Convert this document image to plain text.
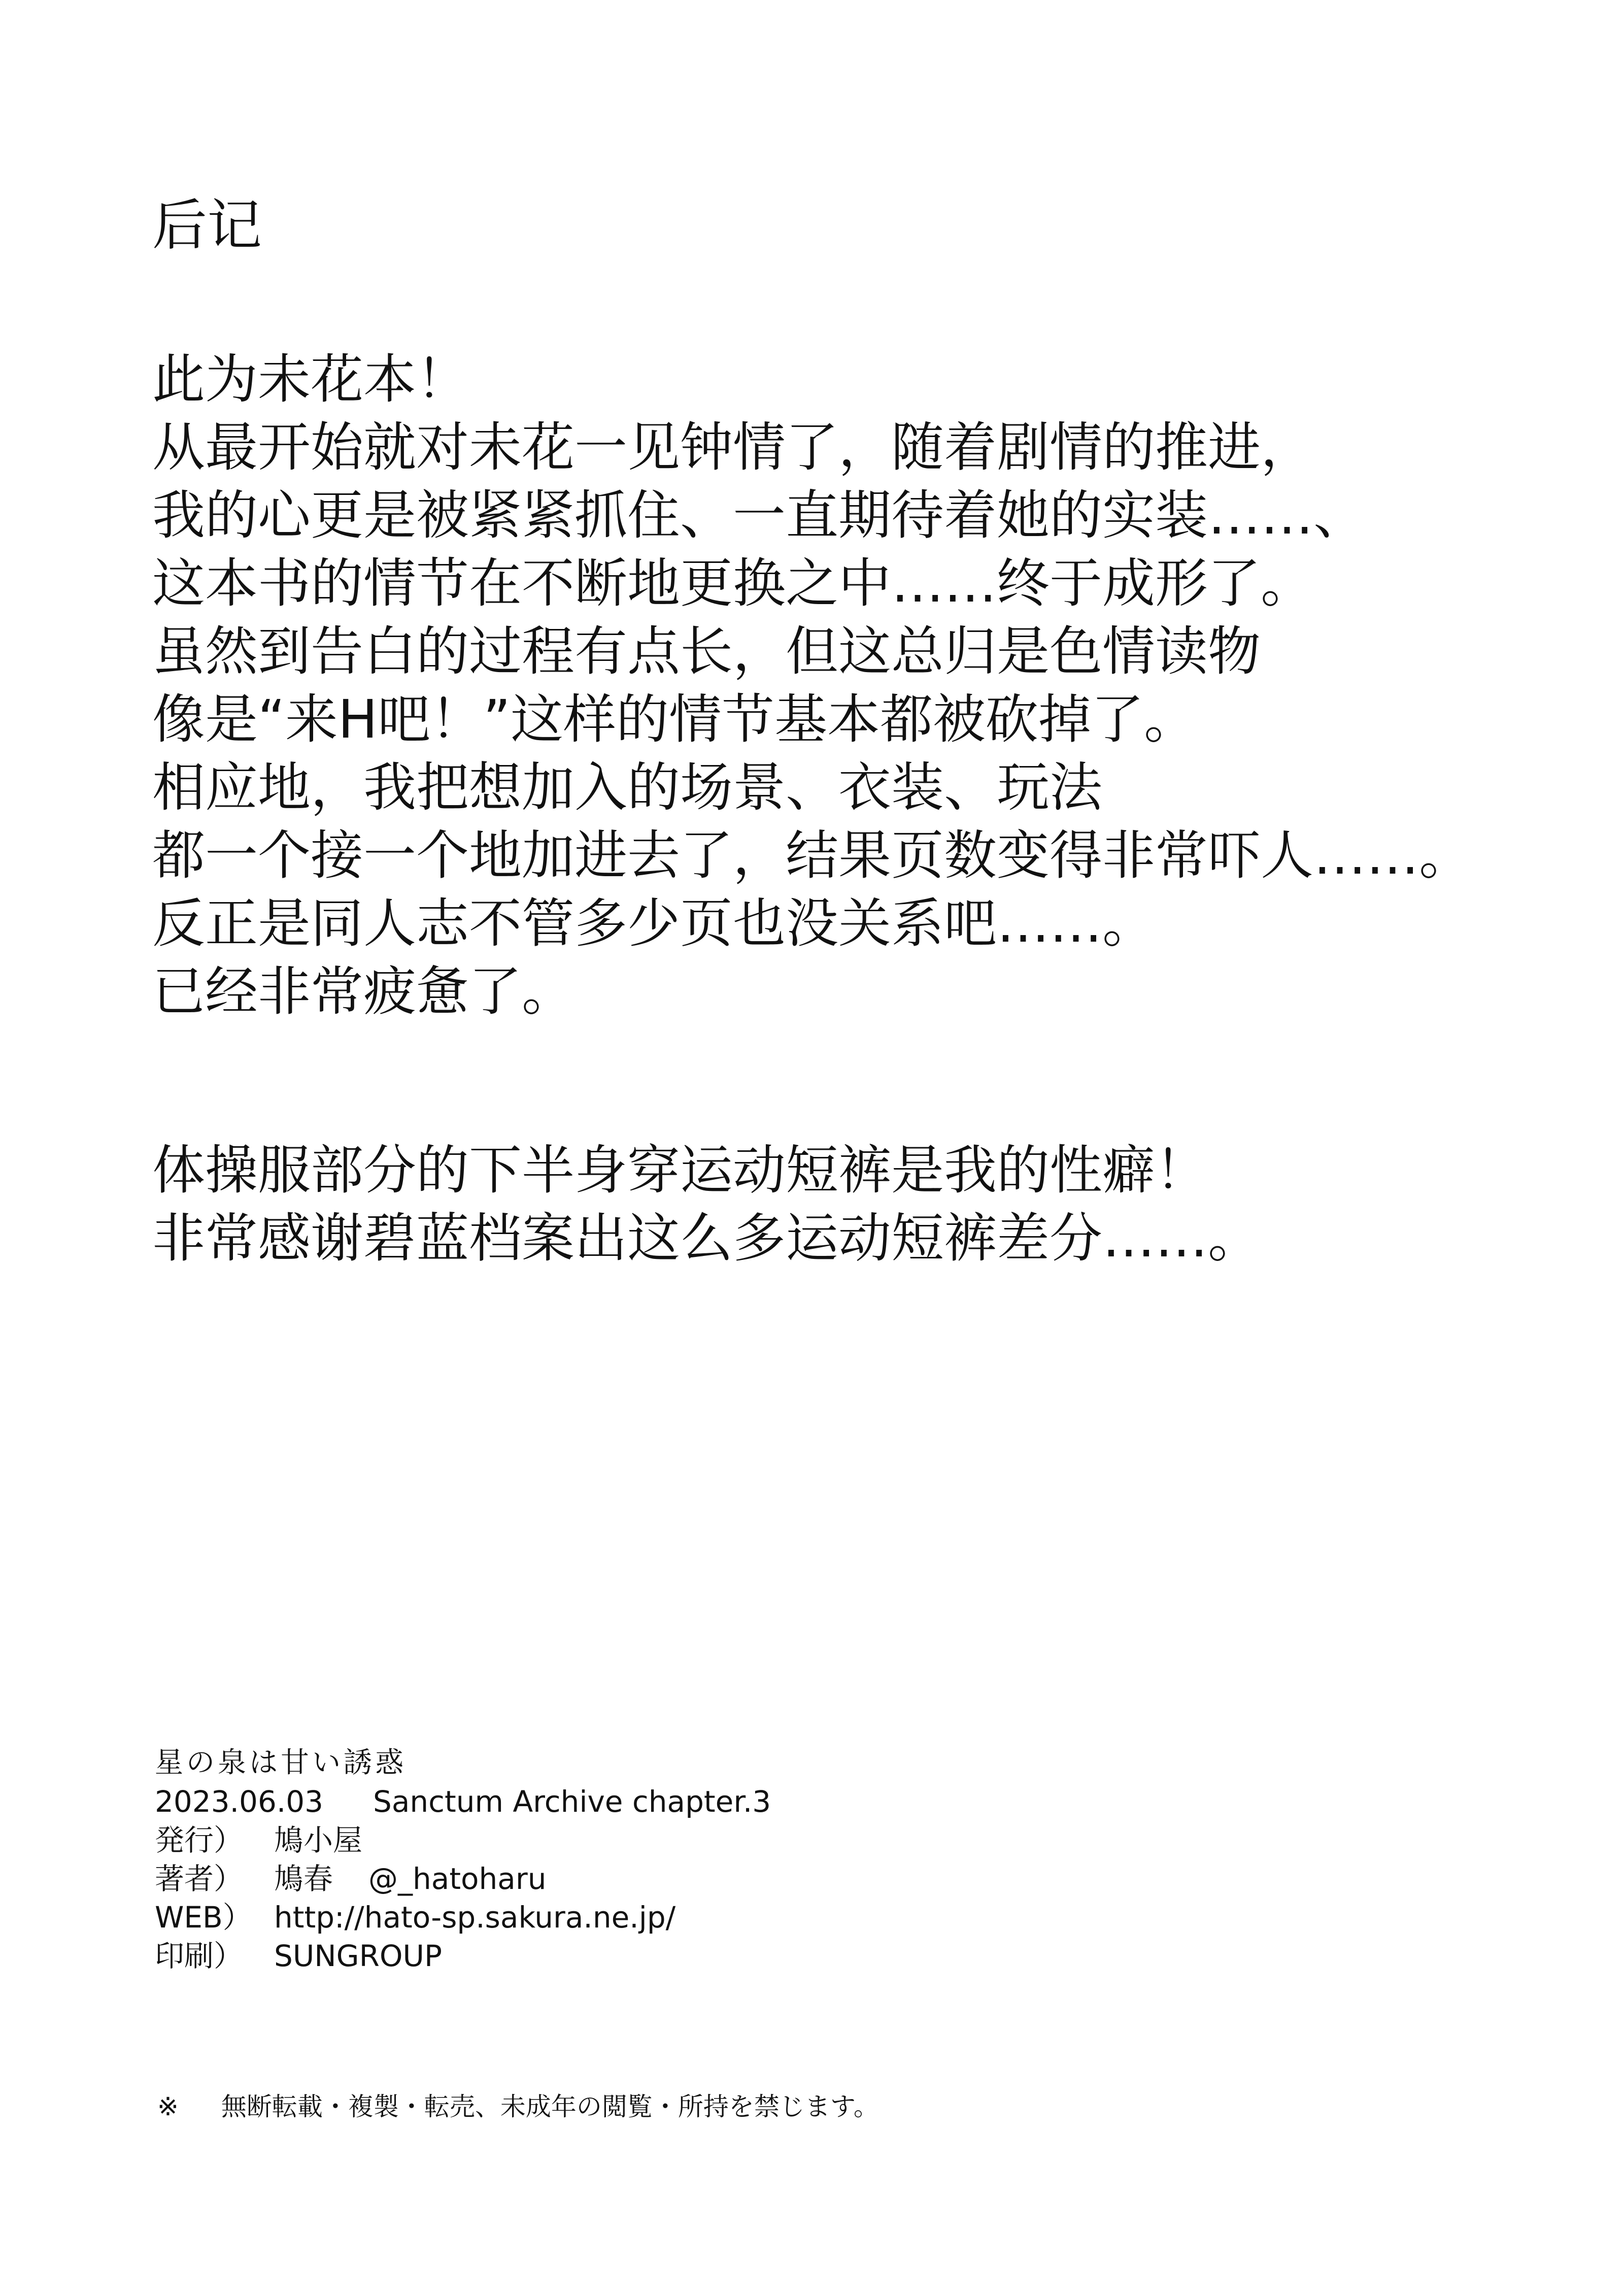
后记
此为未花本！
从最开始就对未花一见钟情了，随着剧情的推进，
我的心更是被紧紧抓住、一直期待着她的实装……、
这本书的情节在不断地更换之中……终于成形了。
虽然到告白的过程有点长，但这总归是色情读物
像是“来H吧！”这样的情节基本都被砍掉了。
相应地，我把想加入的场景、衣装、玩法
都一个接一个地加进去了，结果页数变得非常吓人……。
反正是同人志不管多少页也没关系吧……。
已经非常疲惫了。
体操服部分的下半身穿运动短裤是我的性癖！
非常感谢碧蓝档案出这么多运动短裤差分……。
星の泉は甘い誘惑
2023.06.03	Sanctum Archive chapter.3
発行）	鳩小屋
著者）	鳩春 @_hatoharu
WEB） http://hato-sp.sakura.ne.jp/
印刷）	SUNGROUP
※ 無断転載・複製・転売、未成年の閲覧・所持を禁じます。
